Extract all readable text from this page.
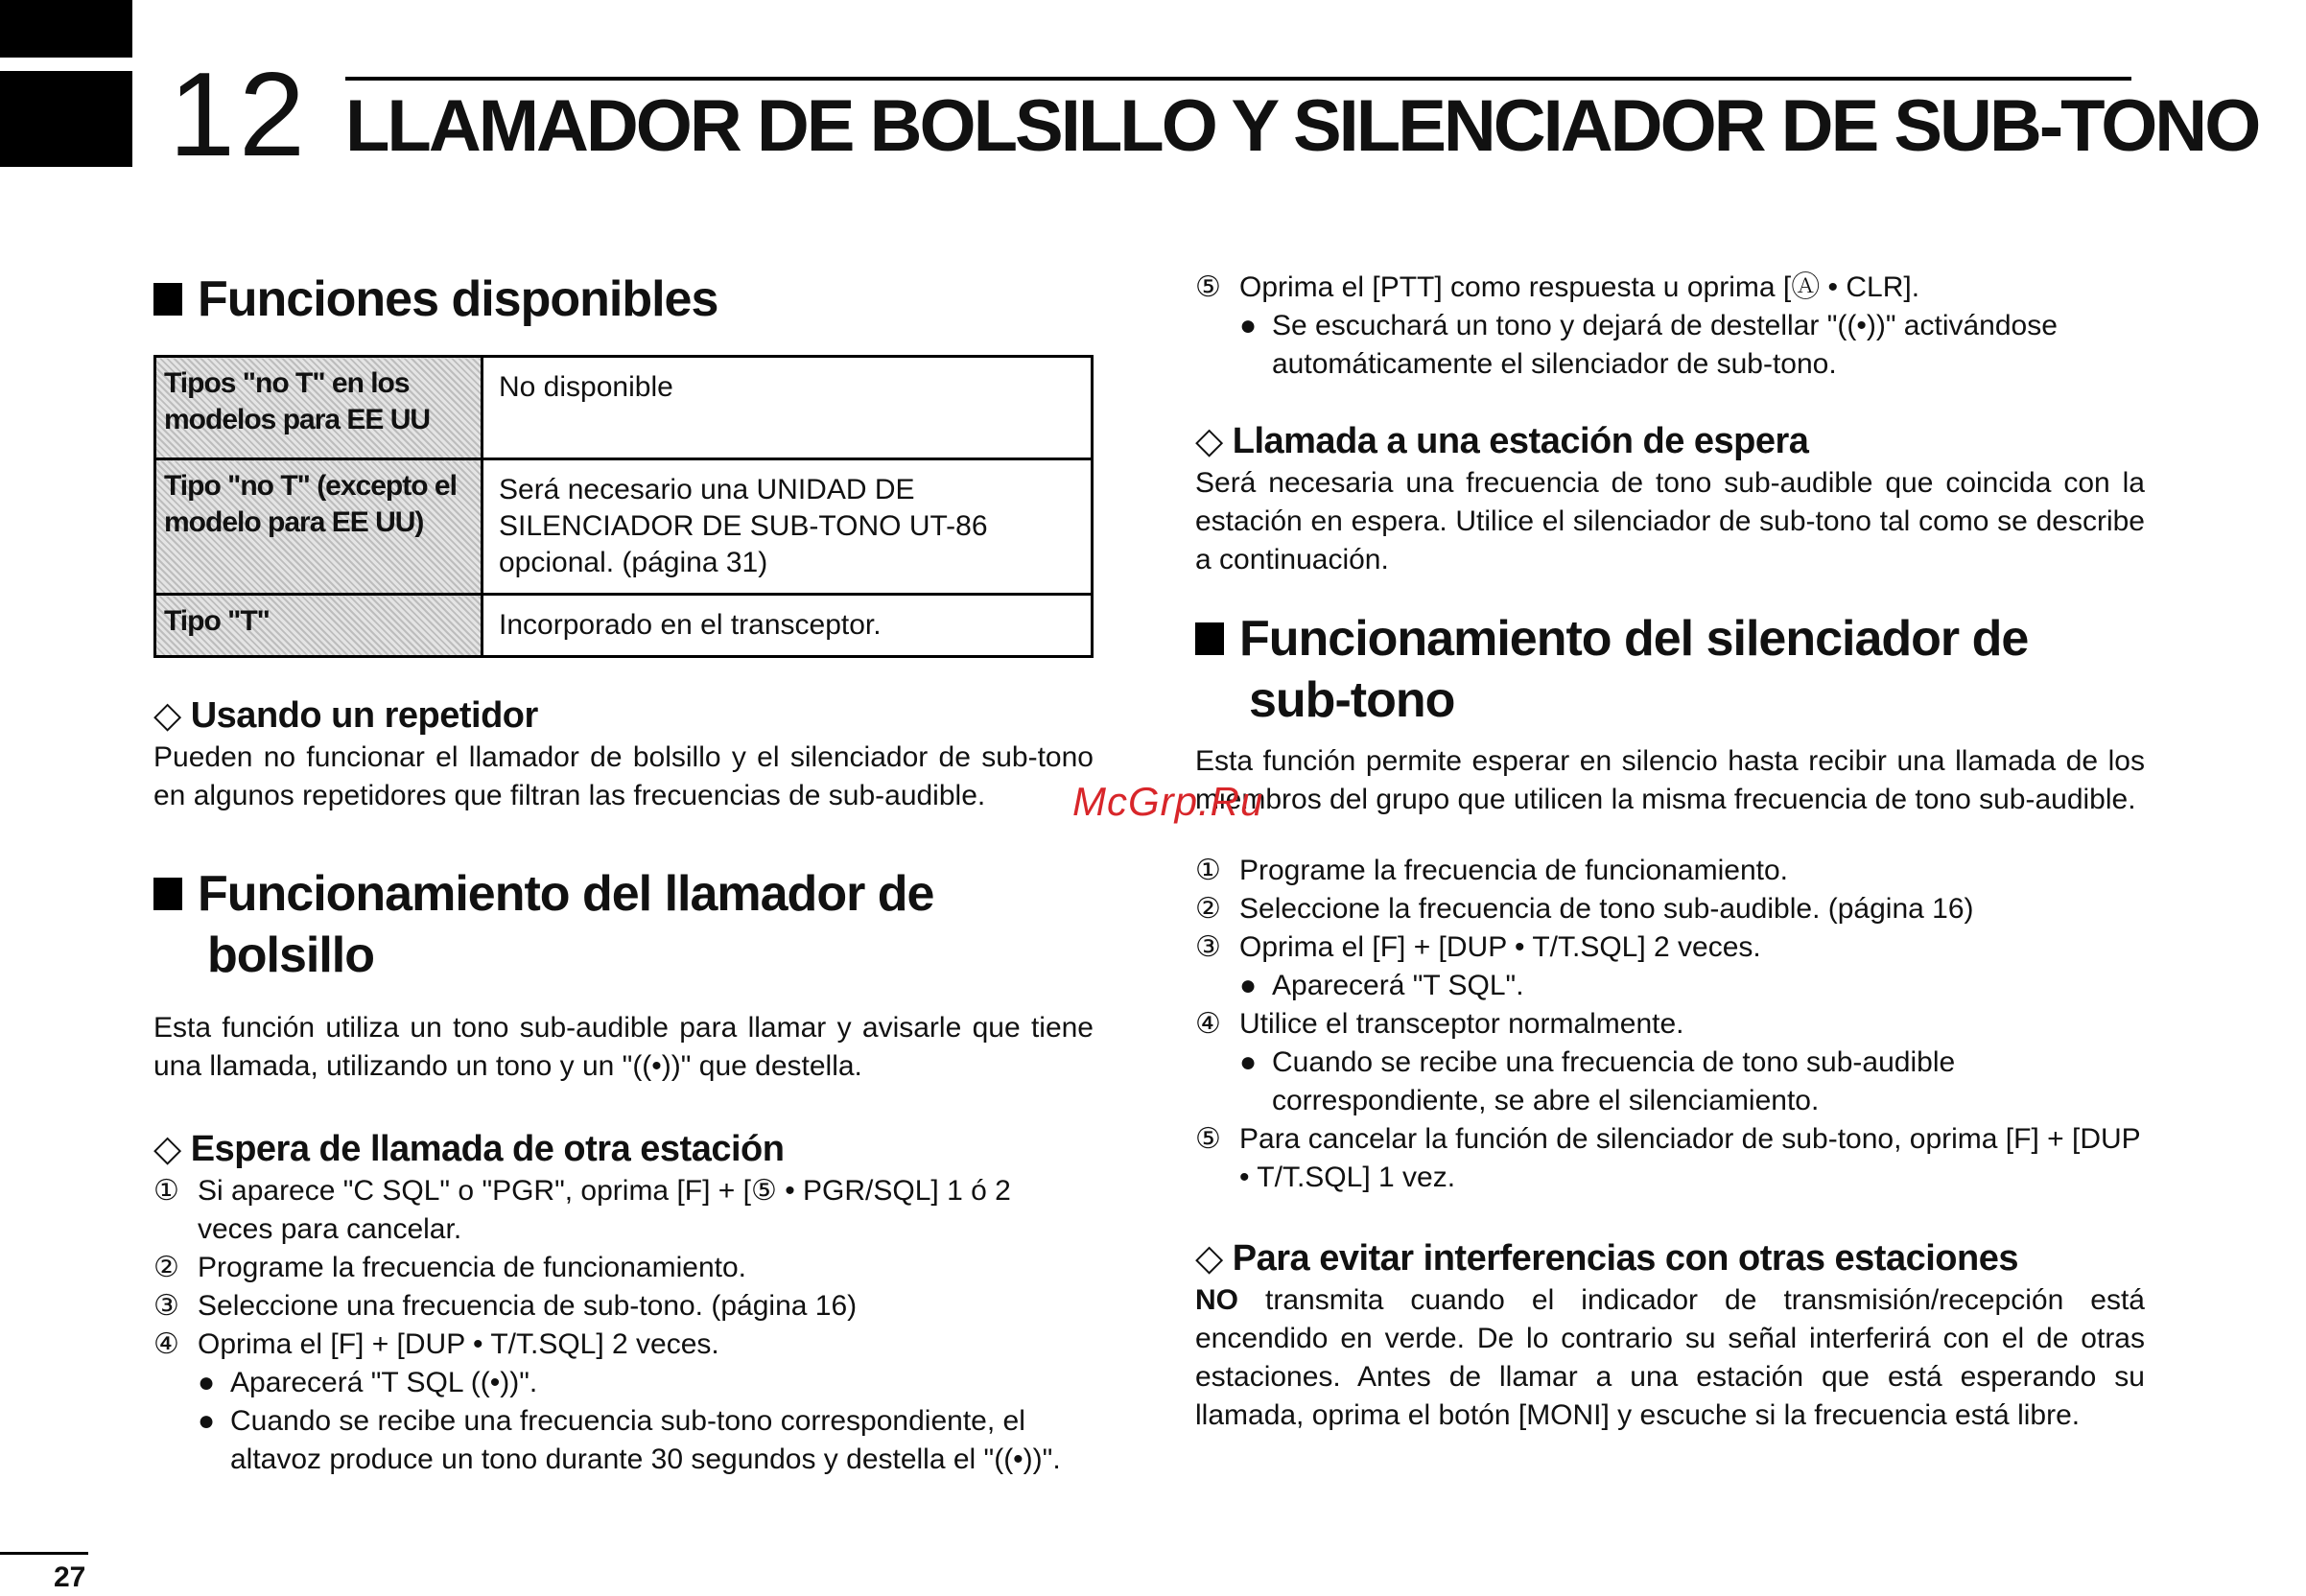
12 LLAMADOR DE BOLSILLO Y SILENCIADOR DE SUB-TONO
Funciones disponibles
Tipos "no T" en los modelos para EE UU	No disponible
Tipo "no T" (excepto el modelo para EE UU)	Será necesario una UNIDAD DE SILENCIADOR DE SUB-TONO UT-86 opcional. (página 31)
Tipo "T"	Incorporado en el transceptor.
◇ Usando un repetidor

Pueden no funcionar el llamador de bolsillo y el silenciador de sub-tono en algunos repetidores que filtran las frecuencias de sub-audible.

Funcionamiento del llamador de
bolsillo

Esta función utiliza un tono sub-audible para llamar y avisarle que tiene una llamada, utilizando un tono y un "((•))" que destella.

◇ Espera de llamada de otra estación
① Si aparece "C SQL" o "PGR", oprima [F] + [⑤ • PGR/SQL] 1 ó 2 veces para cancelar.
② Programe la frecuencia de funcionamiento.
③ Seleccione una frecuencia de sub-tono. (página 16)
④ Oprima el [F] + [DUP • T/T.SQL] 2 veces.
● Aparecerá "T SQL ((•))".
● Cuando se recibe una frecuencia sub-tono correspondiente, el altavoz produce un tono durante 30 segundos y destella el "((•))".
⑤ Oprima el [PTT] como respuesta u oprima [Ⓐ • CLR].
● Se escuchará un tono y dejará de destellar "((•))" activándose automáticamente el silenciador de sub-tono.
◇ Llamada a una estación de espera

Será necesaria una frecuencia de tono sub-audible que coincida con la estación en espera. Utilice el silenciador de sub-tono tal como se describe a continuación.

Funcionamiento del silenciador de
sub-tono

Esta función permite esperar en silencio hasta recibir una llamada de los miembros del grupo que utilicen la misma frecuencia de tono sub-audible.

① Programe la frecuencia de funcionamiento.
② Seleccione la frecuencia de tono sub-audible. (página 16)
③ Oprima el [F] + [DUP • T/T.SQL] 2 veces.
● Aparecerá "T SQL".
④ Utilice el transceptor normalmente.
● Cuando se recibe una frecuencia de tono sub-audible correspondiente, se abre el silenciamiento.
⑤ Para cancelar la función de silenciador de sub-tono, oprima [F] + [DUP • T/T.SQL] 1 vez.
◇ Para evitar interferencias con otras estaciones

NO transmita cuando el indicador de transmisión/recepción está encendido en verde. De lo contrario su señal interferirá con el de otras estaciones. Antes de llamar a una estación que está esperando su llamada, oprima el botón [MONI] y escuche si la frecuencia está libre.

McGrp.Ru
27
